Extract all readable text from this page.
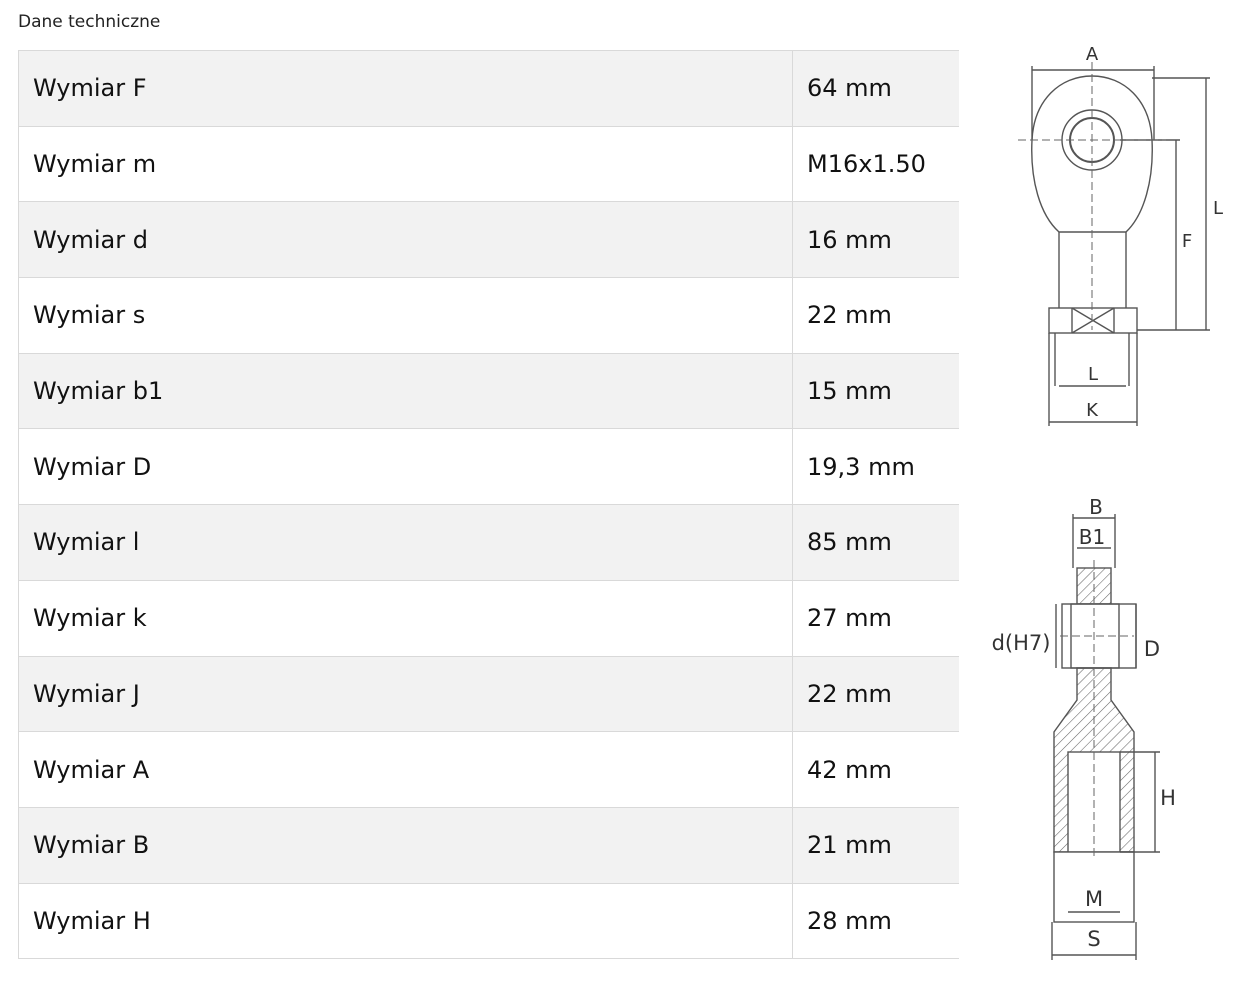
Dane techniczne
Wymiar F	64 mm
Wymiar m	M16x1.50
Wymiar d	16 mm
Wymiar s	22 mm
Wymiar b1	15 mm
Wymiar D	19,3 mm
Wymiar l	85 mm
Wymiar k	27 mm
Wymiar J	22 mm
Wymiar A	42 mm
Wymiar B	21 mm
Wymiar H	28 mm
A
L
F
L
K
B
B1
d(H7)	D
H
M
S
